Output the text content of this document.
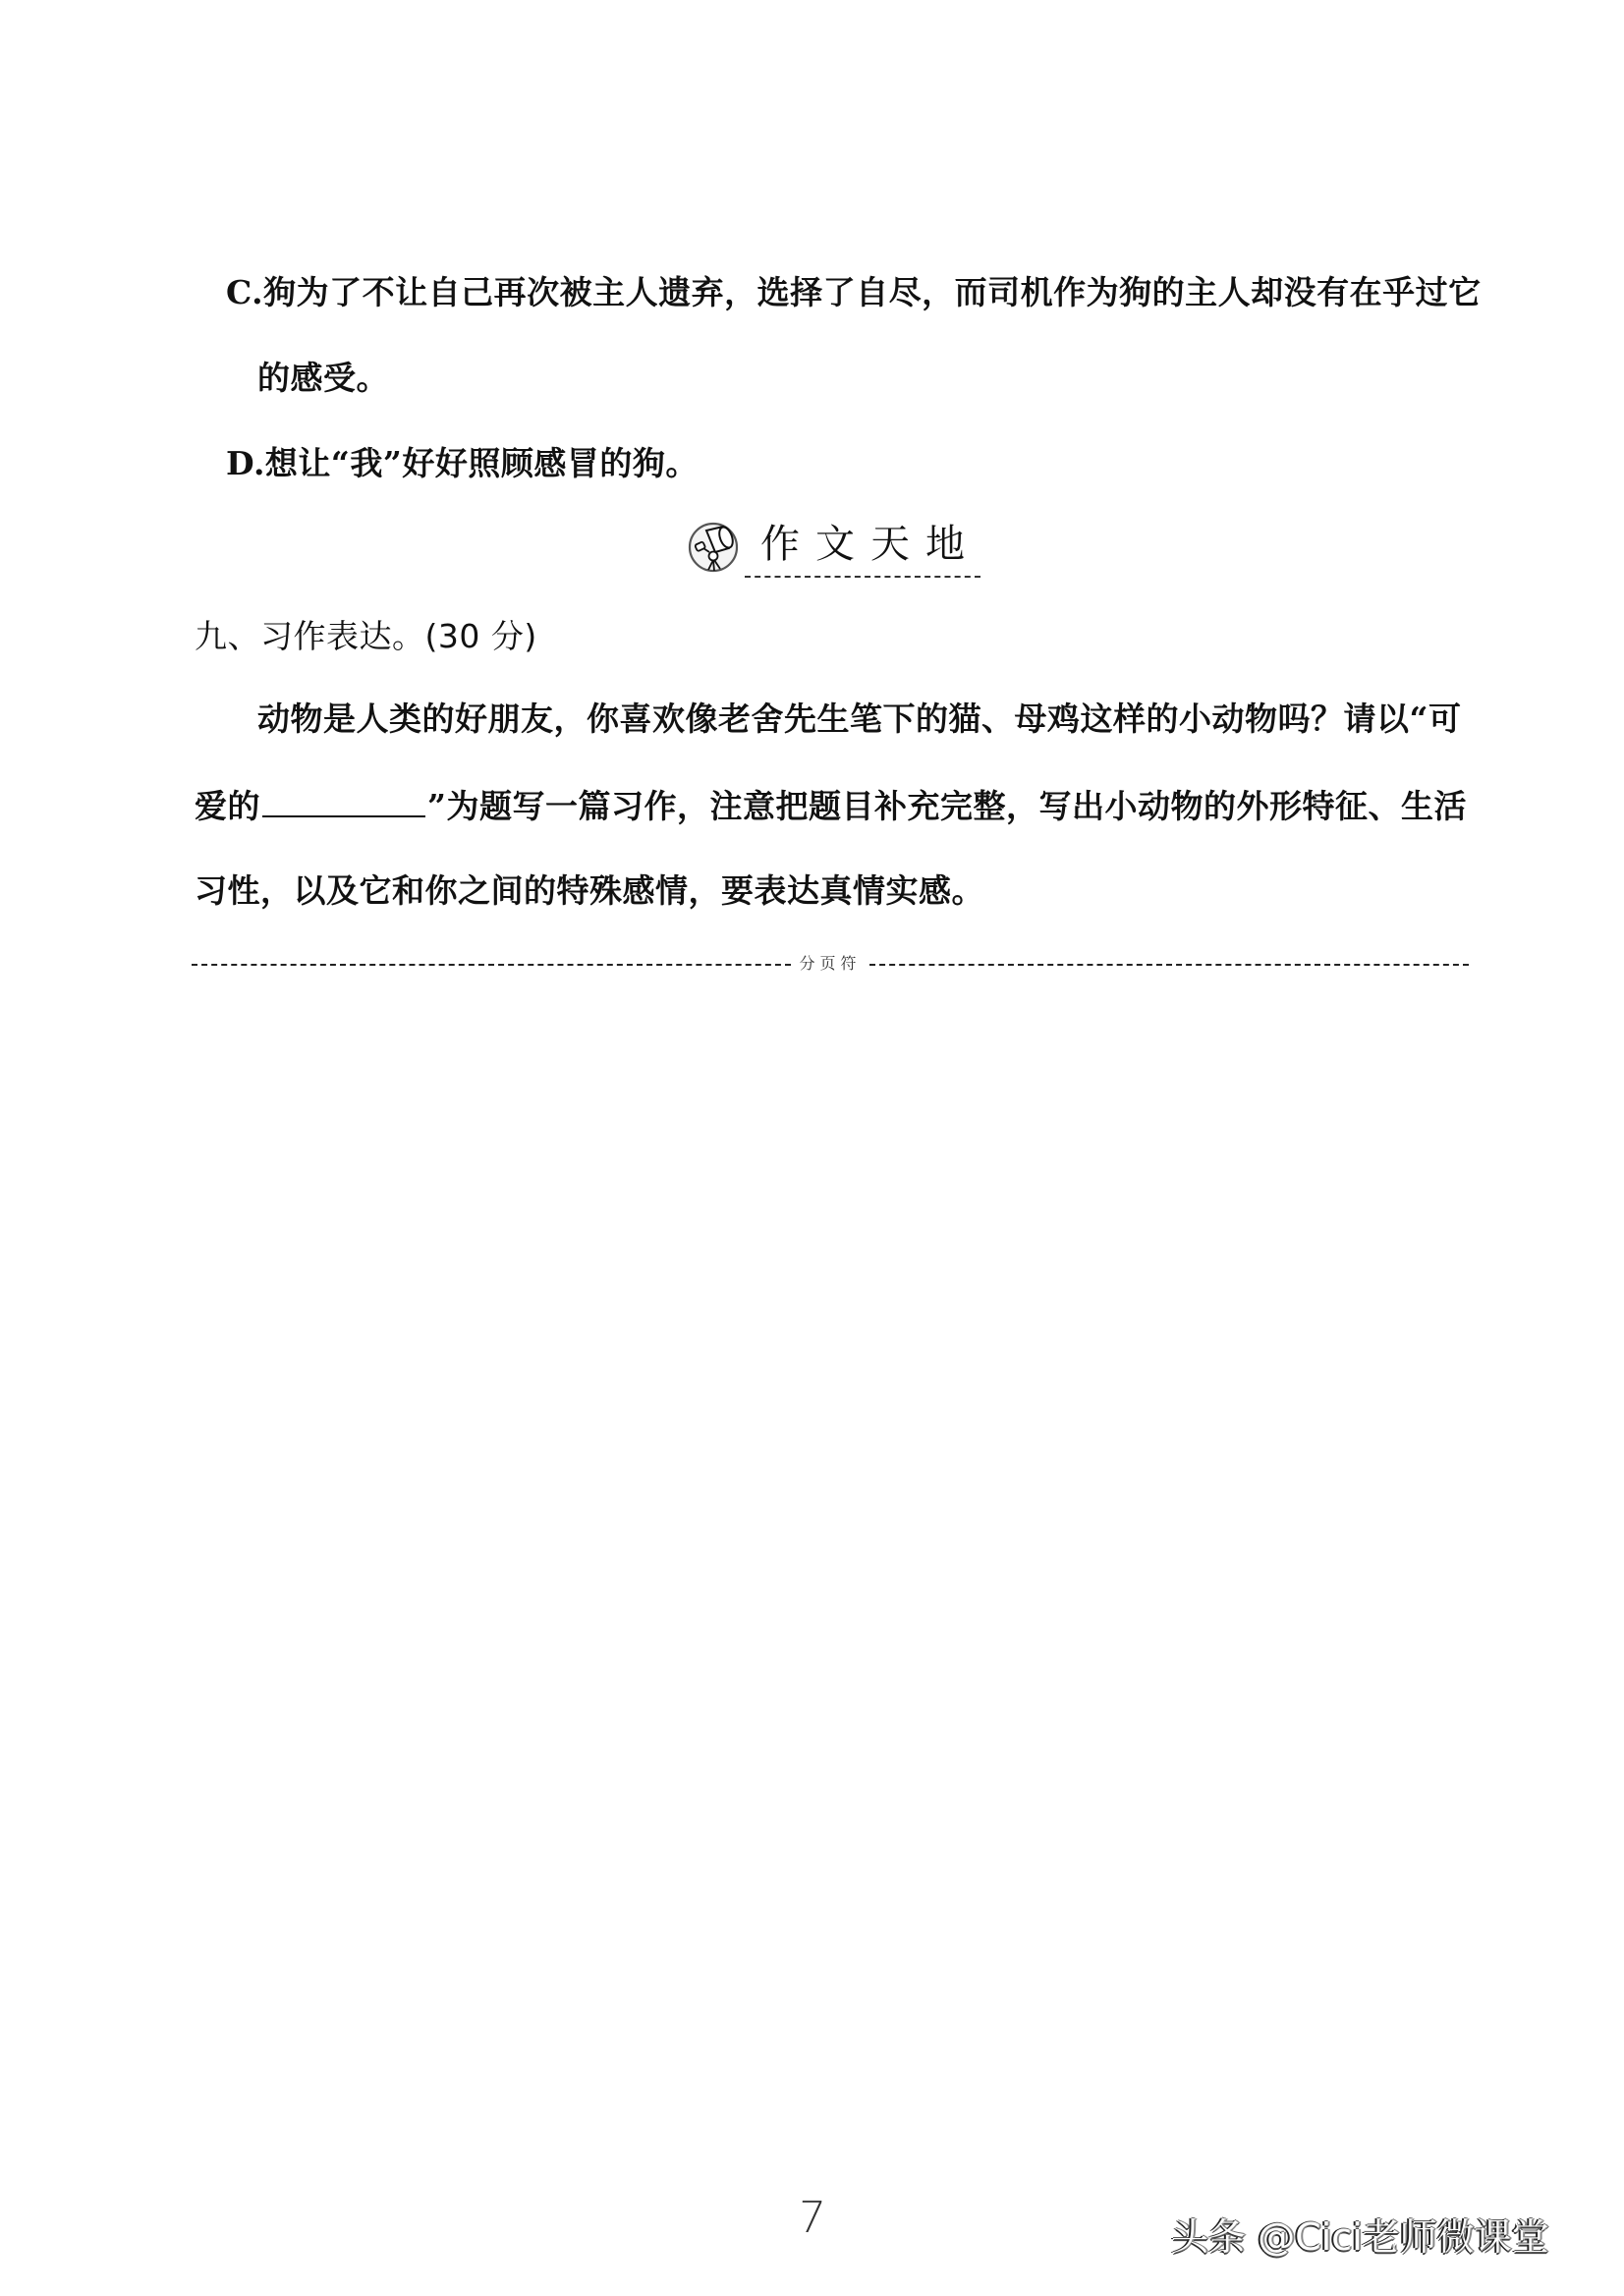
C.狗为了不让自己再次被主人遗弃，选择了自尽，而司机作为狗的主人却没有在乎过它
的感受。
D.想让“我”好好照顾感冒的狗。
作文天地
九、习作表达。(30 分)
动物是人类的好朋友，你喜欢像老舍先生笔下的猫、母鸡这样的小动物吗？请以“可
爱的	”为题写一篇习作，注意把题目补充完整，写出小动物的外形特征、生活
习性，以及它和你之间的特殊感情，要表达真情实感。
分页符
7	头条 @Cici老师微课堂
